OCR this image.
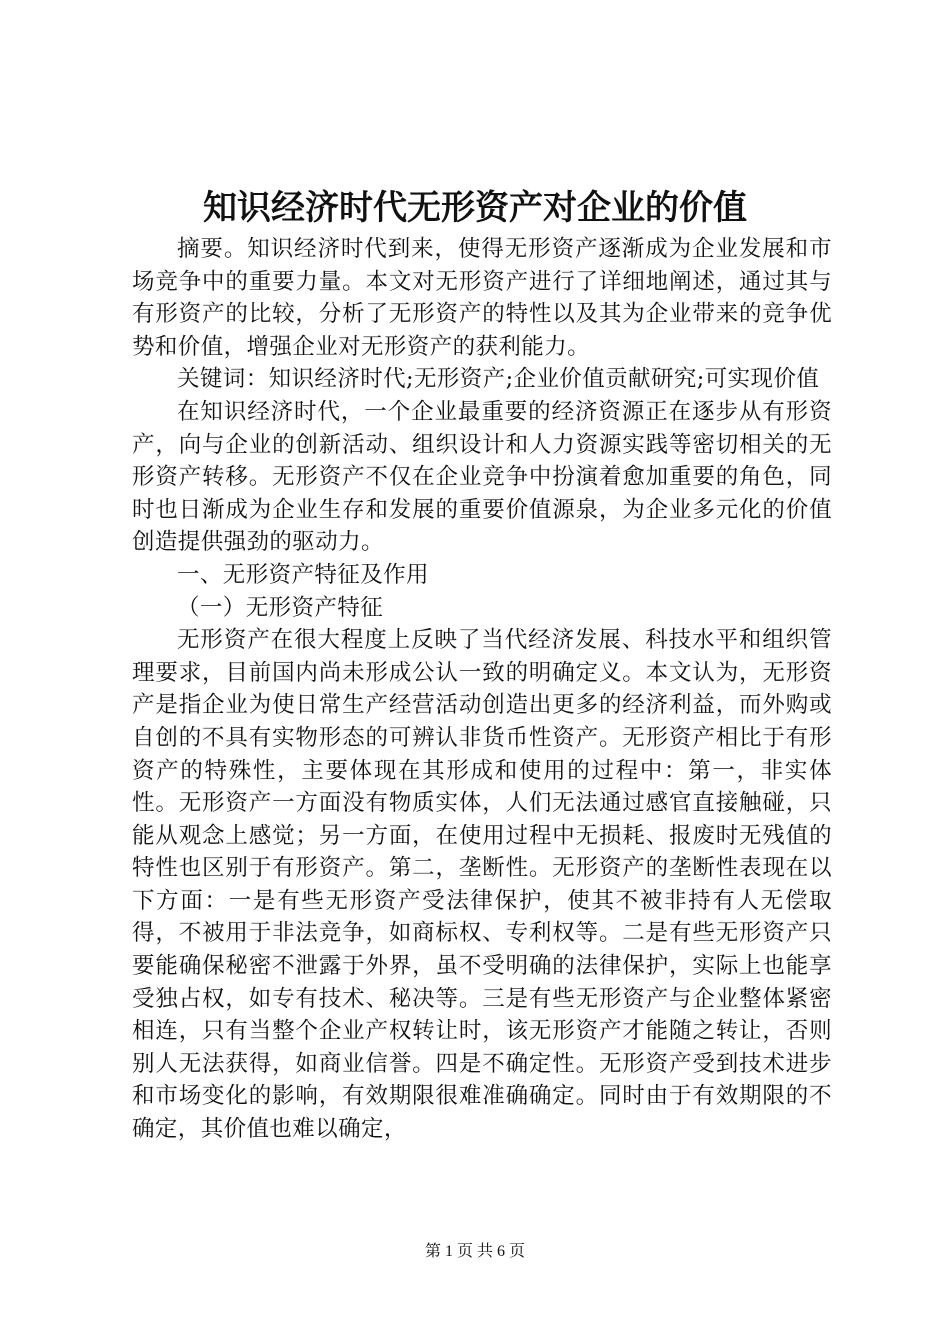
知识经济时代无形资产对企业的价值

摘要。知识经济时代到来，使得无形资产逐渐成为企业发展和市场竞争中的重要力量。本文对无形资产进行了详细地阐述，通过其与有形资产的比较，分析了无形资产的特性以及其为企业带来的竞争优势和价值，增强企业对无形资产的获利能力。

关键词：知识经济时代;无形资产;企业价值贡献研究;可实现价值

在知识经济时代，一个企业最重要的经济资源正在逐步从有形资产，向与企业的创新活动、组织设计和人力资源实践等密切相关的无形资产转移。无形资产不仅在企业竞争中扮演着愈加重要的角色，同时也日渐成为企业生存和发展的重要价值源泉，为企业多元化的价值创造提供强劲的驱动力。

一、无形资产特征及作用

（一）无形资产特征

无形资产在很大程度上反映了当代经济发展、科技水平和组织管理要求，目前国内尚未形成公认一致的明确定义。本文认为，无形资产是指企业为使日常生产经营活动创造出更多的经济利益，而外购或自创的不具有实物形态的可辨认非货币性资产。无形资产相比于有形资产的特殊性，主要体现在其形成和使用的过程中：第一，非实体性。无形资产一方面没有物质实体，人们无法通过感官直接触碰，只能从观念上感觉；另一方面，在使用过程中无损耗、报废时无残值的特性也区别于有形资产。第二，垄断性。无形资产的垄断性表现在以下方面：一是有些无形资产受法律保护，使其不被非持有人无偿取得，不被用于非法竞争，如商标权、专利权等。二是有些无形资产只要能确保秘密不泄露于外界，虽不受明确的法律保护，实际上也能享受独占权，如专有技术、秘决等。三是有些无形资产与企业整体紧密相连，只有当整个企业产权转让时，该无形资产才能随之转让，否则别人无法获得，如商业信誉。四是不确定性。无形资产受到技术进步和市场变化的影响，有效期限很难准确确定。同时由于有效期限的不确定，其价值也难以确定，

第 1 页 共 6 页
